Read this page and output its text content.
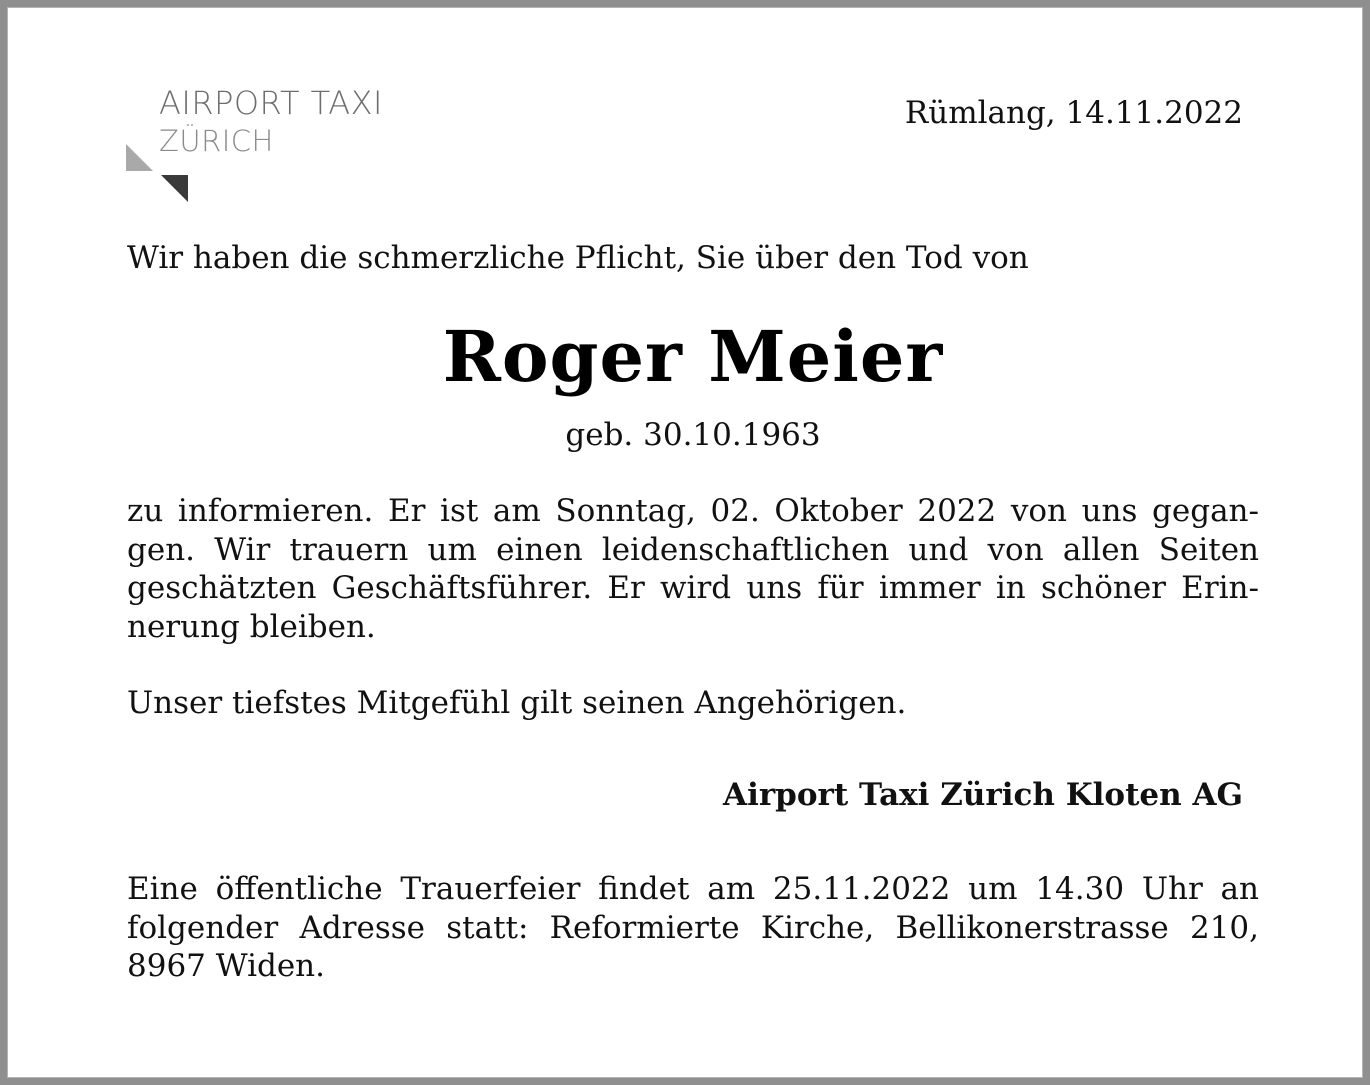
AIRPORT TAXI
ZÜRICH
Rümlang, 14.11.2022
Wir haben die schmerzliche Pflicht, Sie über den Tod von
Roger Meier
geb. 30.10.1963
zu informieren. Er ist am Sonntag, 02. Oktober 2022 von uns gegan-
gen. Wir trauern um einen leidenschaftlichen und von allen Seiten
geschätzten Geschäftsführer. Er wird uns für immer in schöner Erin-
nerung bleiben.
Unser tiefstes Mitgefühl gilt seinen Angehörigen.
Airport Taxi Zürich Kloten AG
Eine öffentliche Trauerfeier findet am 25.11.2022 um 14.30 Uhr an
folgender Adresse statt: Reformierte Kirche, Bellikonerstrasse 210,
8967 Widen.
